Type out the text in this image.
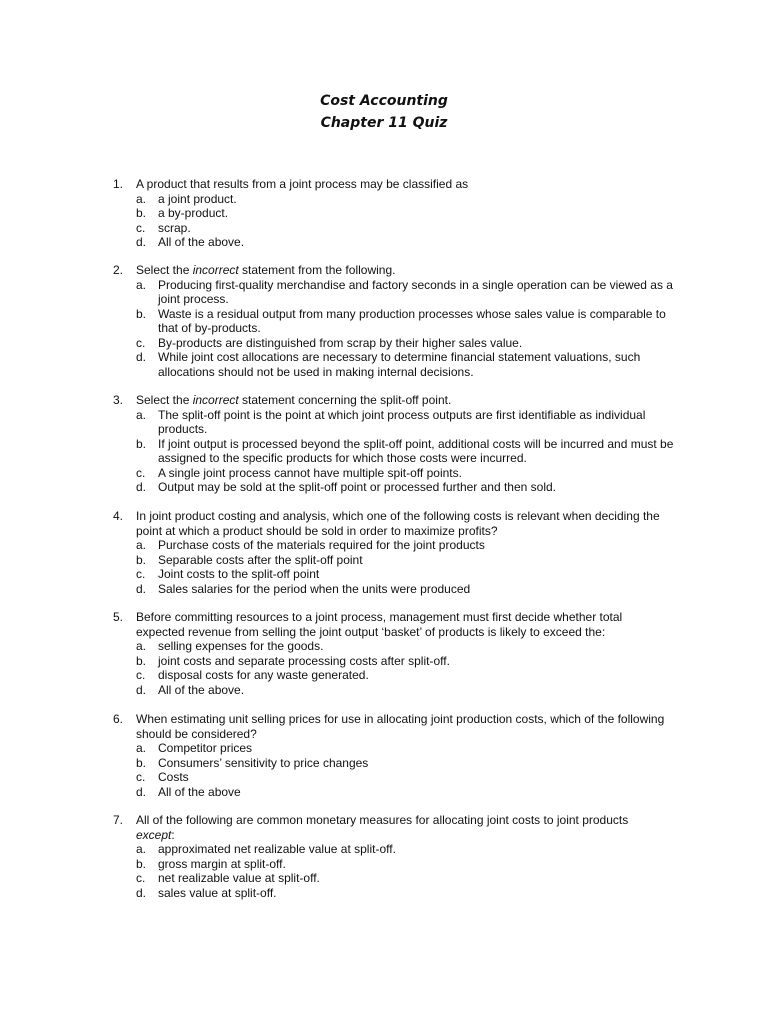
Cost Accounting
Chapter 11 Quiz
1. A product that results from a joint process may be classified as
a. a joint product.
b. a by-product.
c. scrap.
d. All of the above.
2. Select the incorrect statement from the following.
a. Producing first-quality merchandise and factory seconds in a single operation can be viewed as a joint process.
b. Waste is a residual output from many production processes whose sales value is comparable to that of by-products.
c. By-products are distinguished from scrap by their higher sales value.
d. While joint cost allocations are necessary to determine financial statement valuations, such allocations should not be used in making internal decisions.
3. Select the incorrect statement concerning the split-off point.
a. The split-off point is the point at which joint process outputs are first identifiable as individual products.
b. If joint output is processed beyond the split-off point, additional costs will be incurred and must be assigned to the specific products for which those costs were incurred.
c. A single joint process cannot have multiple spit-off points.
d. Output may be sold at the split-off point or processed further and then sold.
4. In joint product costing and analysis, which one of the following costs is relevant when deciding the point at which a product should be sold in order to maximize profits?
a. Purchase costs of the materials required for the joint products
b. Separable costs after the split-off point
c. Joint costs to the split-off point
d. Sales salaries for the period when the units were produced
5. Before committing resources to a joint process, management must first decide whether total expected revenue from selling the joint output ‘basket’ of products is likely to exceed the:
a. selling expenses for the goods.
b. joint costs and separate processing costs after split-off.
c. disposal costs for any waste generated.
d. All of the above.
6. When estimating unit selling prices for use in allocating joint production costs, which of the following should be considered?
a. Competitor prices
b. Consumers’ sensitivity to price changes
c. Costs
d. All of the above
7. All of the following are common monetary measures for allocating joint costs to joint products except:
a. approximated net realizable value at split-off.
b. gross margin at split-off.
c. net realizable value at split-off.
d. sales value at split-off.
